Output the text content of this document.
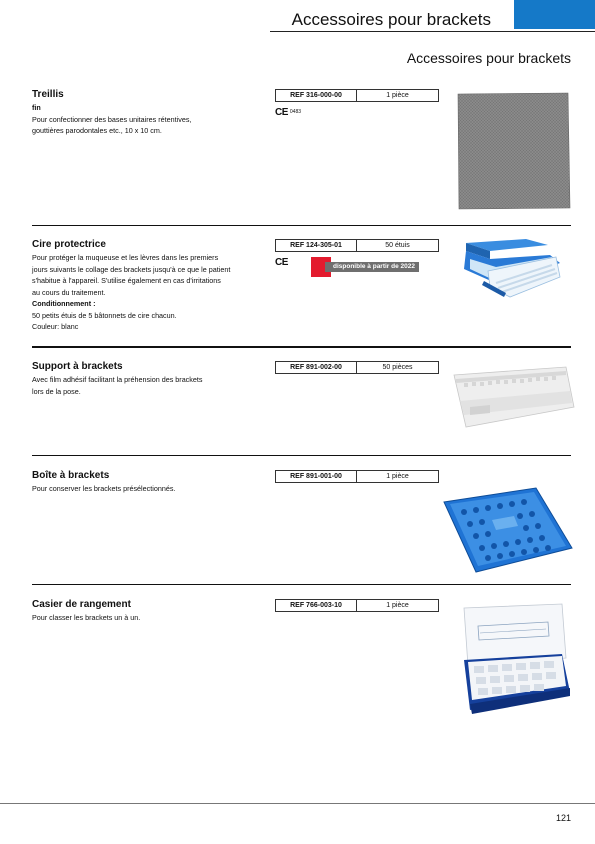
Accessoires pour brackets
Accessoires pour brackets
Treillis
fin
Pour confectionner des bases unitaires rétentives,
gouttières parodontales etc., 10 x 10 cm.
REF 316-000-00	1 pièce
CE $^{0483}$
Cire protectrice
Pour protéger la muqueuse et les lèvres dans les premiers
jours suivants le collage des brackets jusqu'à ce que le patient
s'habitue à l'appareil. S'utilise également en cas d'irritations
au cours du traitement.
Conditionnement :
50 petits étuis de 5 bâtonnets de cire chacun.
Couleur: blanc
REF 124-305-01	50 étuis
CE	disponible à partir de 2022
Support à brackets
Avec film adhésif facilitant la préhension des brackets
lors de la pose.
REF 891-002-00	50 pièces
Boîte à brackets
Pour conserver les brackets présélectionnés.
REF 891-001-00	1 pièce
Casier de rangement
Pour classer les brackets un à un.
REF 766-003-10	1 pièce
121
